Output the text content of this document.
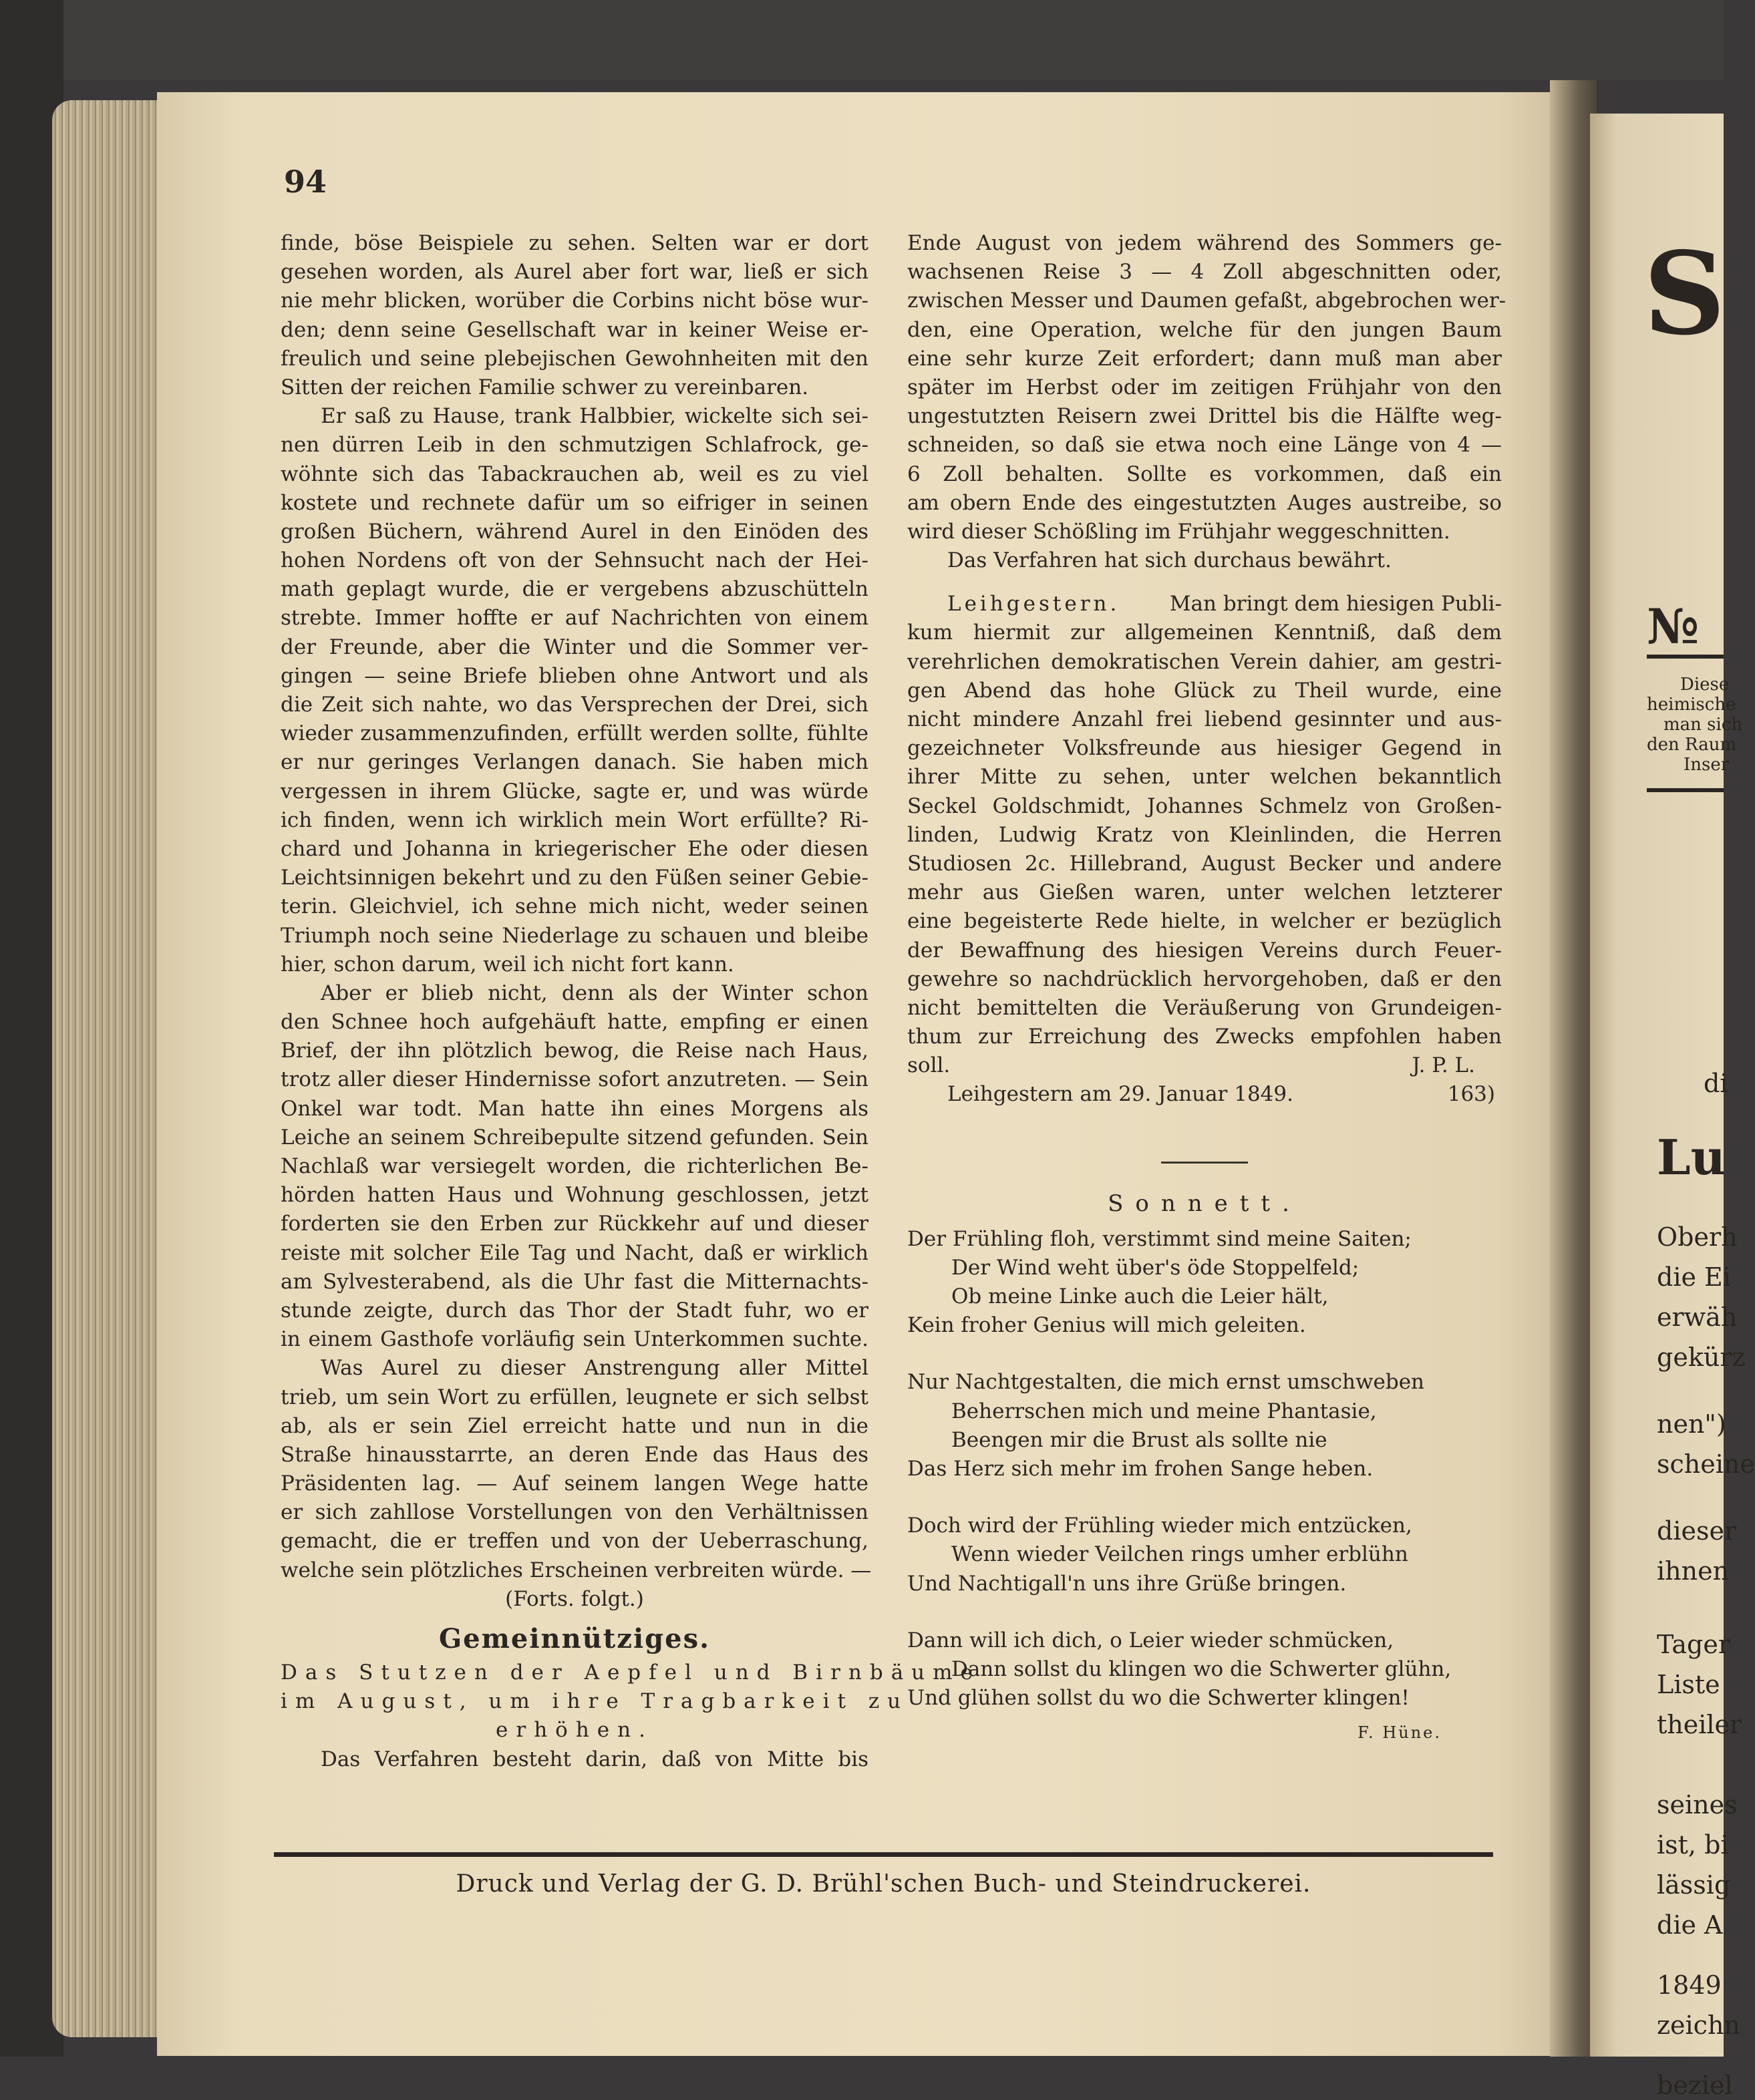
S
№
Diese
heimische
man sich
den Raum
Inser
di
Lu
Oberh
die Ei
erwäh
gekürz
nen")
scheine
dieser
ihnen
Tager
Liste
theiler
seines
ist, bi
lässig
die A
1849
zeichn
beziel
94
finde, böse Beispiele zu sehen. Selten war er dort
gesehen worden, als Aurel aber fort war, ließ er sich
nie mehr blicken, worüber die Corbins nicht böse wur-
den; denn seine Gesellschaft war in keiner Weise er-
freulich und seine plebejischen Gewohnheiten mit den
Sitten der reichen Familie schwer zu vereinbaren.
Er saß zu Hause, trank Halbbier, wickelte sich sei-
nen dürren Leib in den schmutzigen Schlafrock, ge-
wöhnte sich das Tabackrauchen ab, weil es zu viel
kostete und rechnete dafür um so eifriger in seinen
großen Büchern, während Aurel in den Einöden des
hohen Nordens oft von der Sehnsucht nach der Hei-
math geplagt wurde, die er vergebens abzuschütteln
strebte. Immer hoffte er auf Nachrichten von einem
der Freunde, aber die Winter und die Sommer ver-
gingen — seine Briefe blieben ohne Antwort und als
die Zeit sich nahte, wo das Versprechen der Drei, sich
wieder zusammenzufinden, erfüllt werden sollte, fühlte
er nur geringes Verlangen danach. Sie haben mich
vergessen in ihrem Glücke, sagte er, und was würde
ich finden, wenn ich wirklich mein Wort erfüllte? Ri-
chard und Johanna in kriegerischer Ehe oder diesen
Leichtsinnigen bekehrt und zu den Füßen seiner Gebie-
terin. Gleichviel, ich sehne mich nicht, weder seinen
Triumph noch seine Niederlage zu schauen und bleibe
hier, schon darum, weil ich nicht fort kann.
Aber er blieb nicht, denn als der Winter schon
den Schnee hoch aufgehäuft hatte, empfing er einen
Brief, der ihn plötzlich bewog, die Reise nach Haus,
trotz aller dieser Hindernisse sofort anzutreten. — Sein
Onkel war todt. Man hatte ihn eines Morgens als
Leiche an seinem Schreibepulte sitzend gefunden. Sein
Nachlaß war versiegelt worden, die richterlichen Be-
hörden hatten Haus und Wohnung geschlossen, jetzt
forderten sie den Erben zur Rückkehr auf und dieser
reiste mit solcher Eile Tag und Nacht, daß er wirklich
am Sylvesterabend, als die Uhr fast die Mitternachts-
stunde zeigte, durch das Thor der Stadt fuhr, wo er
in einem Gasthofe vorläufig sein Unterkommen suchte.
Was Aurel zu dieser Anstrengung aller Mittel
trieb, um sein Wort zu erfüllen, leugnete er sich selbst
ab, als er sein Ziel erreicht hatte und nun in die
Straße hinausstarrte, an deren Ende das Haus des
Präsidenten lag. — Auf seinem langen Wege hatte
er sich zahllose Vorstellungen von den Verhältnissen
gemacht, die er treffen und von der Ueberraschung,
welche sein plötzliches Erscheinen verbreiten würde. —
(Forts. folgt.)
Gemeinnütziges.
Das Stutzen der Aepfel und Birnbäume
im August, um ihre Tragbarkeit zu
erhöhen.
Das Verfahren besteht darin, daß von Mitte bis
Ende August von jedem während des Sommers ge-
wachsenen Reise 3 — 4 Zoll abgeschnitten oder,
zwischen Messer und Daumen gefaßt, abgebrochen wer-
den, eine Operation, welche für den jungen Baum
eine sehr kurze Zeit erfordert; dann muß man aber
später im Herbst oder im zeitigen Frühjahr von den
ungestutzten Reisern zwei Drittel bis die Hälfte weg-
schneiden, so daß sie etwa noch eine Länge von 4 —
6 Zoll behalten. Sollte es vorkommen, daß ein
am obern Ende des eingestutzten Auges austreibe, so
wird dieser Schößling im Frühjahr weggeschnitten.
Das Verfahren hat sich durchaus bewährt.
Leihgestern. Man bringt dem hiesigen Publi-
kum hiermit zur allgemeinen Kenntniß, daß dem
verehrlichen demokratischen Verein dahier, am gestri-
gen Abend das hohe Glück zu Theil wurde, eine
nicht mindere Anzahl frei liebend gesinnter und aus-
gezeichneter Volksfreunde aus hiesiger Gegend in
ihrer Mitte zu sehen, unter welchen bekanntlich
Seckel Goldschmidt, Johannes Schmelz von Großen-
linden, Ludwig Kratz von Kleinlinden, die Herren
Studiosen 2c. Hillebrand, August Becker und andere
mehr aus Gießen waren, unter welchen letzterer
eine begeisterte Rede hielte, in welcher er bezüglich
der Bewaffnung des hiesigen Vereins durch Feuer-
gewehre so nachdrücklich hervorgehoben, daß er den
nicht bemittelten die Veräußerung von Grundeigen-
thum zur Erreichung des Zwecks empfohlen haben
soll.	J. P. L.
Leihgestern am 29. Januar 1849.	163)
Sonnett.
Der Frühling floh, verstimmt sind meine Saiten;
Der Wind weht über's öde Stoppelfeld;
Ob meine Linke auch die Leier hält,
Kein froher Genius will mich geleiten.
Nur Nachtgestalten, die mich ernst umschweben
Beherrschen mich und meine Phantasie,
Beengen mir die Brust als sollte nie
Das Herz sich mehr im frohen Sange heben.
Doch wird der Frühling wieder mich entzücken,
Wenn wieder Veilchen rings umher erblühn
Und Nachtigall'n uns ihre Grüße bringen.
Dann will ich dich, o Leier wieder schmücken,
Dann sollst du klingen wo die Schwerter glühn,
Und glühen sollst du wo die Schwerter klingen!
F. Hüne.
Druck und Verlag der G. D. Brühl'schen Buch- und Steindruckerei.
